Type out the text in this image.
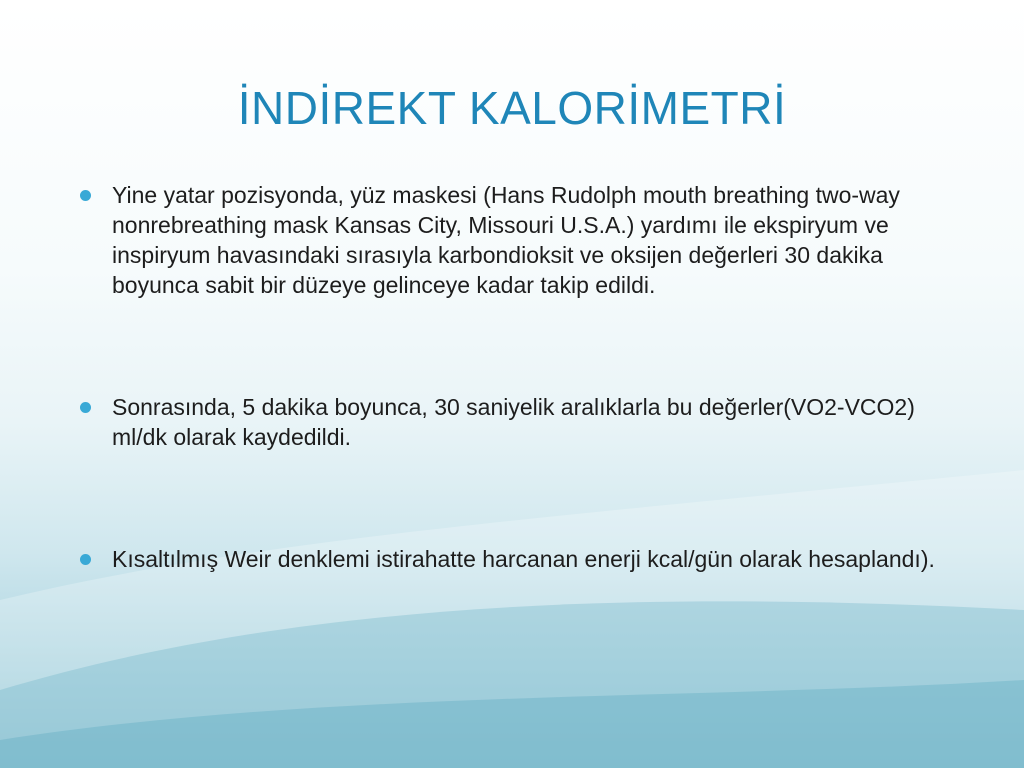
İNDİREKT KALORİMETRİ
Yine yatar pozisyonda, yüz maskesi (Hans Rudolph mouth breathing two-way nonrebreathing mask Kansas City, Missouri U.S.A.) yardımı ile ekspiryum ve inspiryum havasındaki sırasıyla karbondioksit ve oksijen değerleri 30 dakika boyunca sabit bir düzeye gelinceye kadar takip edildi.
Sonrasında, 5 dakika boyunca, 30 saniyelik aralıklarla bu değerler(VO2-VCO2) ml/dk olarak kaydedildi.
Kısaltılmış Weir denklemi istirahatte harcanan enerji kcal/gün olarak hesaplandı).
